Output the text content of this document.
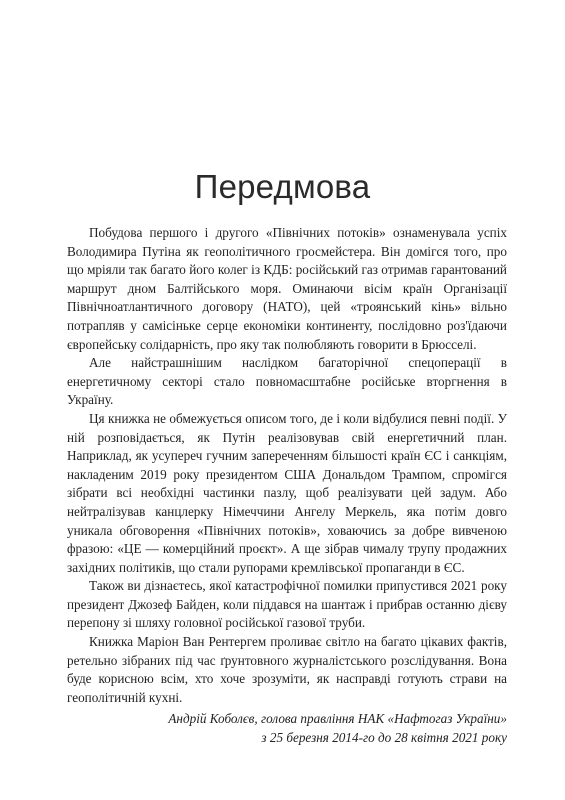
Передмова

Побудова першого і другого «Північних потоків» ознаменувала успіх Володимира Путіна як геополітичного гросмейстера. Він домігся того, про що мріяли так багато його колег із КДБ: російський газ отримав гарантований маршрут дном Балтійського моря. Оминаючи вісім країн Організації Північноатлантичного договору (НАТО), цей «троянський кінь» вільно потрапляв у самісіньке серце економіки континенту, послідовно роз'їдаючи європейську солідарність, про яку так полюбляють говорити в Брюсселі.

Але найстрашнішим наслідком багаторічної спецоперації в енергетичному секторі стало повномасштабне російське вторгнення в Україну.

Ця книжка не обмежується описом того, де і коли відбулися певні події. У ній розповідається, як Путін реалізовував свій енергетичний план. Наприклад, як усупереч гучним запереченням більшості країн ЄС і санкціям, накладеним 2019 року президентом США Дональдом Трампом, спромігся зібрати всі необхідні частинки пазлу, щоб реалізувати цей задум. Або нейтралізував канцлерку Німеччини Ангелу Меркель, яка потім довго уникала обговорення «Північних потоків», ховаючись за добре вивченою фразою: «ЦЕ — комерційний проєкт». А ще зібрав чималу трупу продажних західних політиків, що стали рупорами кремлівської пропаганди в ЄС.

Також ви дізнаєтесь, якої катастрофічної помилки припустився 2021 року президент Джозеф Байден, коли піддався на шантаж і прибрав останню дієву перепону зі шляху головної російської газової труби.

Книжка Маріон Ван Рентергем проливає світло на багато цікавих фактів, ретельно зібраних під час ґрунтовного журналістського розслідування. Вона буде корисною всім, хто хоче зрозуміти, як насправді готують страви на геополітичній кухні.

Андрій Коболєв, голова правління НАК «Нафтогаз України»
з 25 березня 2014-го до 28 квітня 2021 року
